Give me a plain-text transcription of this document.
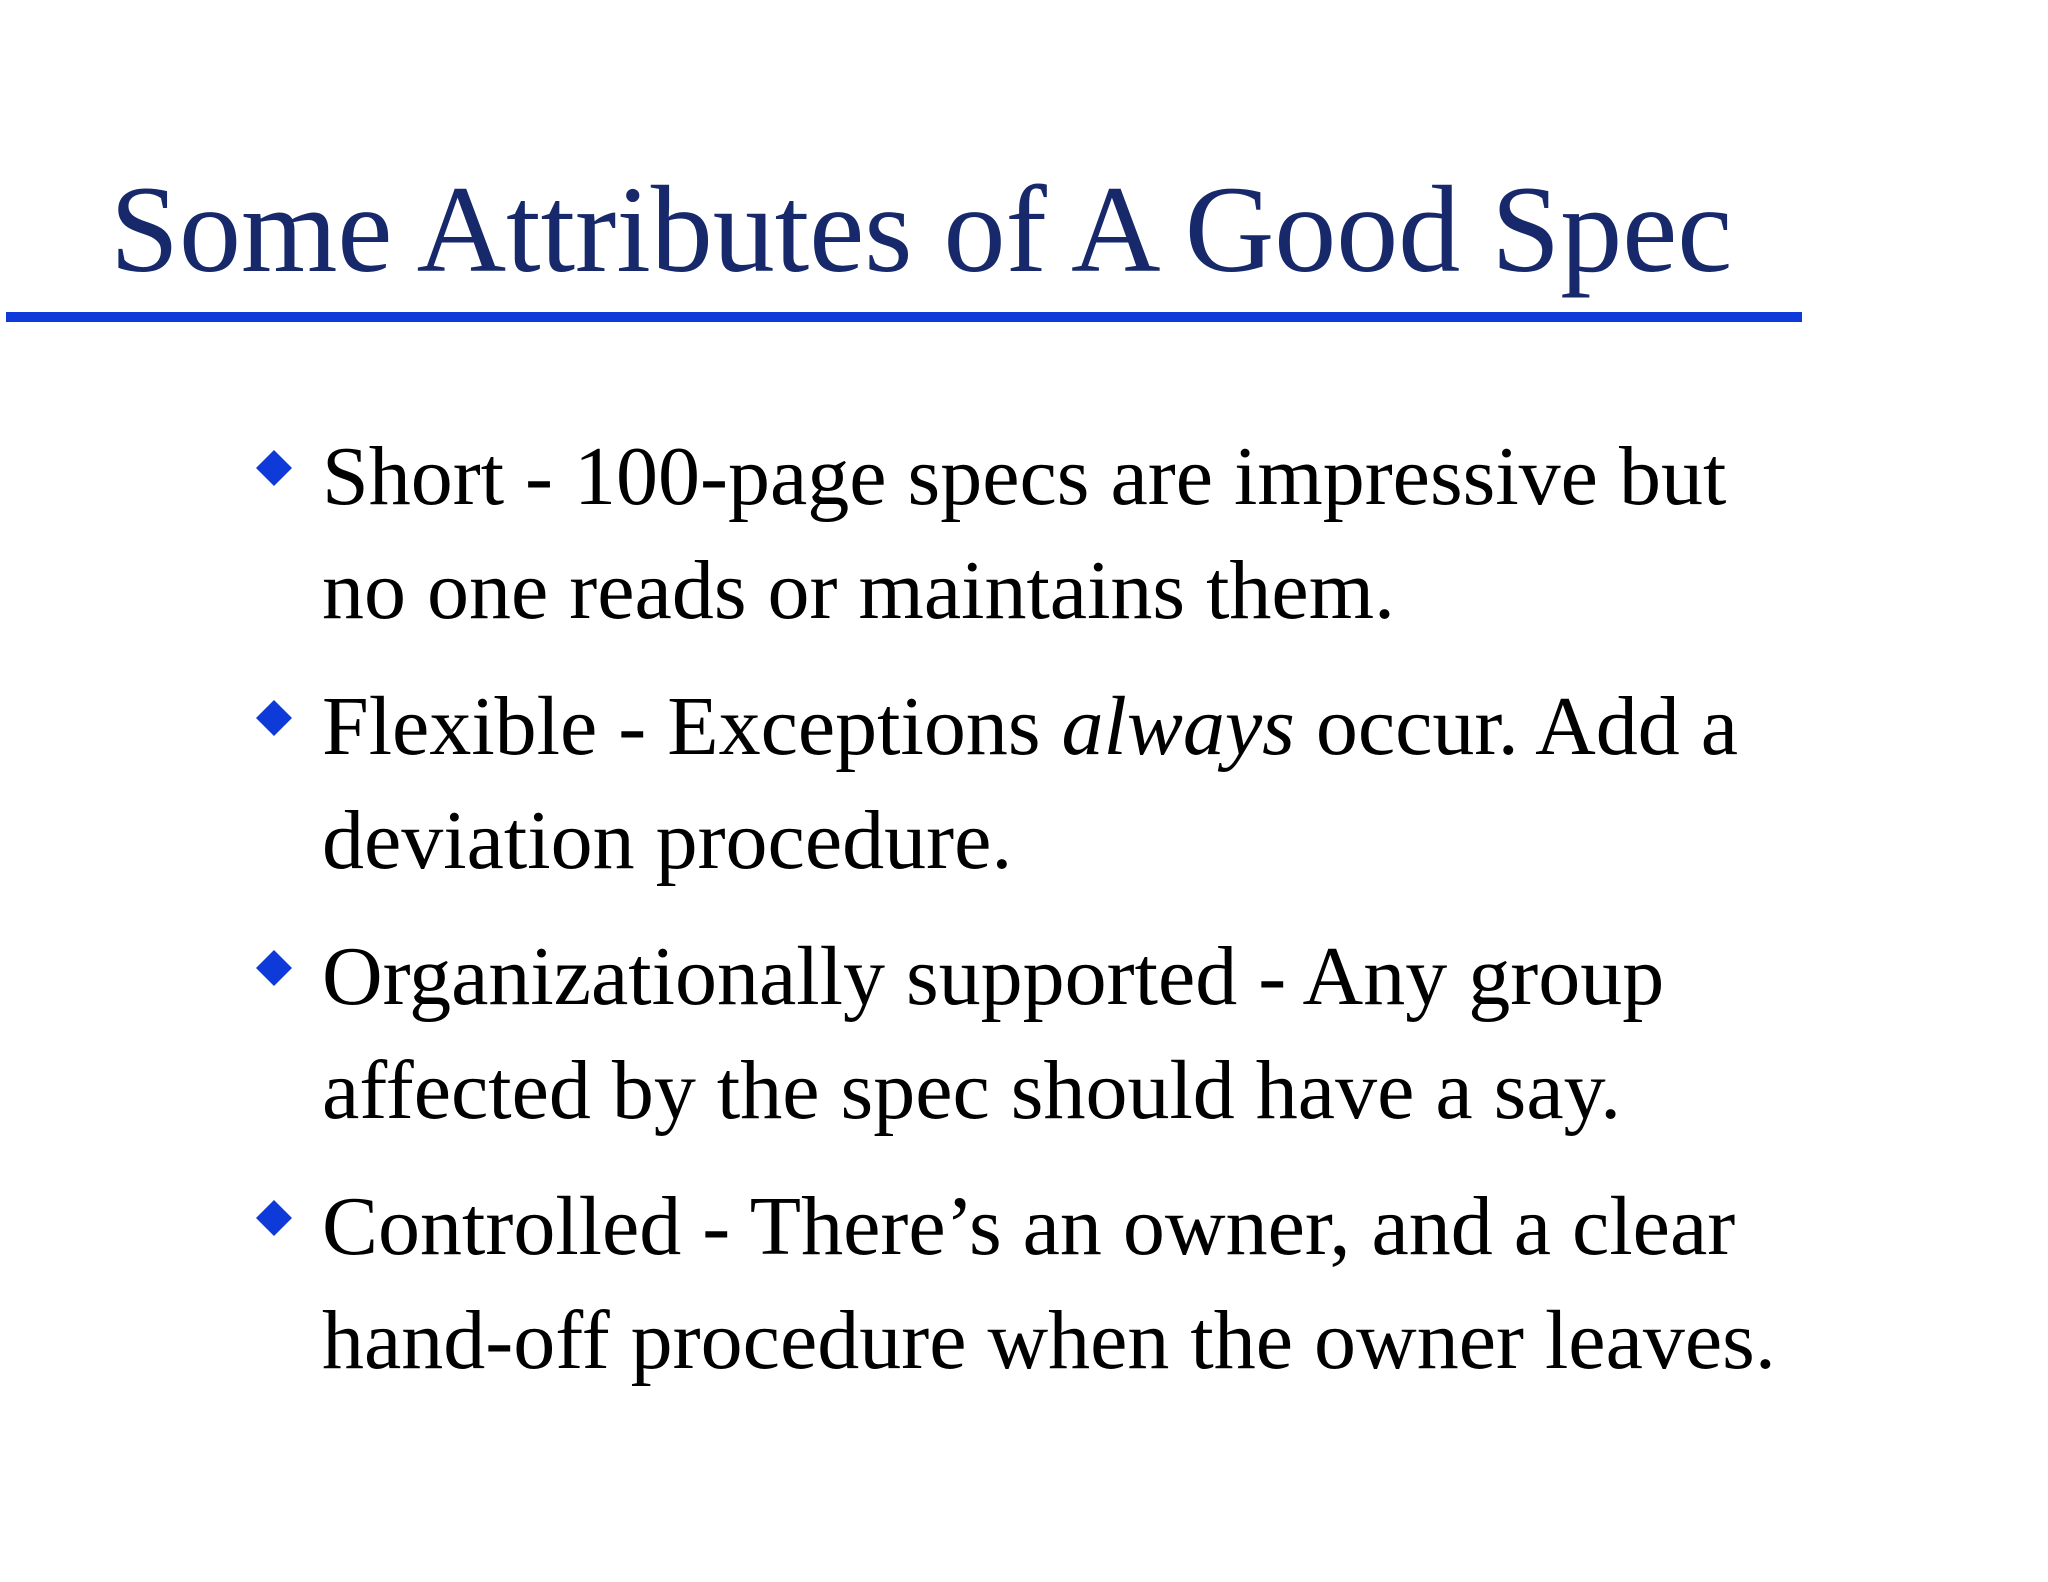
Some Attributes of A Good Spec
Short - 100-page specs are impressive but
no one reads or maintains them.
Flexible - Exceptions always occur. Add a
deviation procedure.
Organizationally supported - Any group
affected by the spec should have a say.
Controlled - There’s an owner, and a clear
hand-off procedure when the owner leaves.
